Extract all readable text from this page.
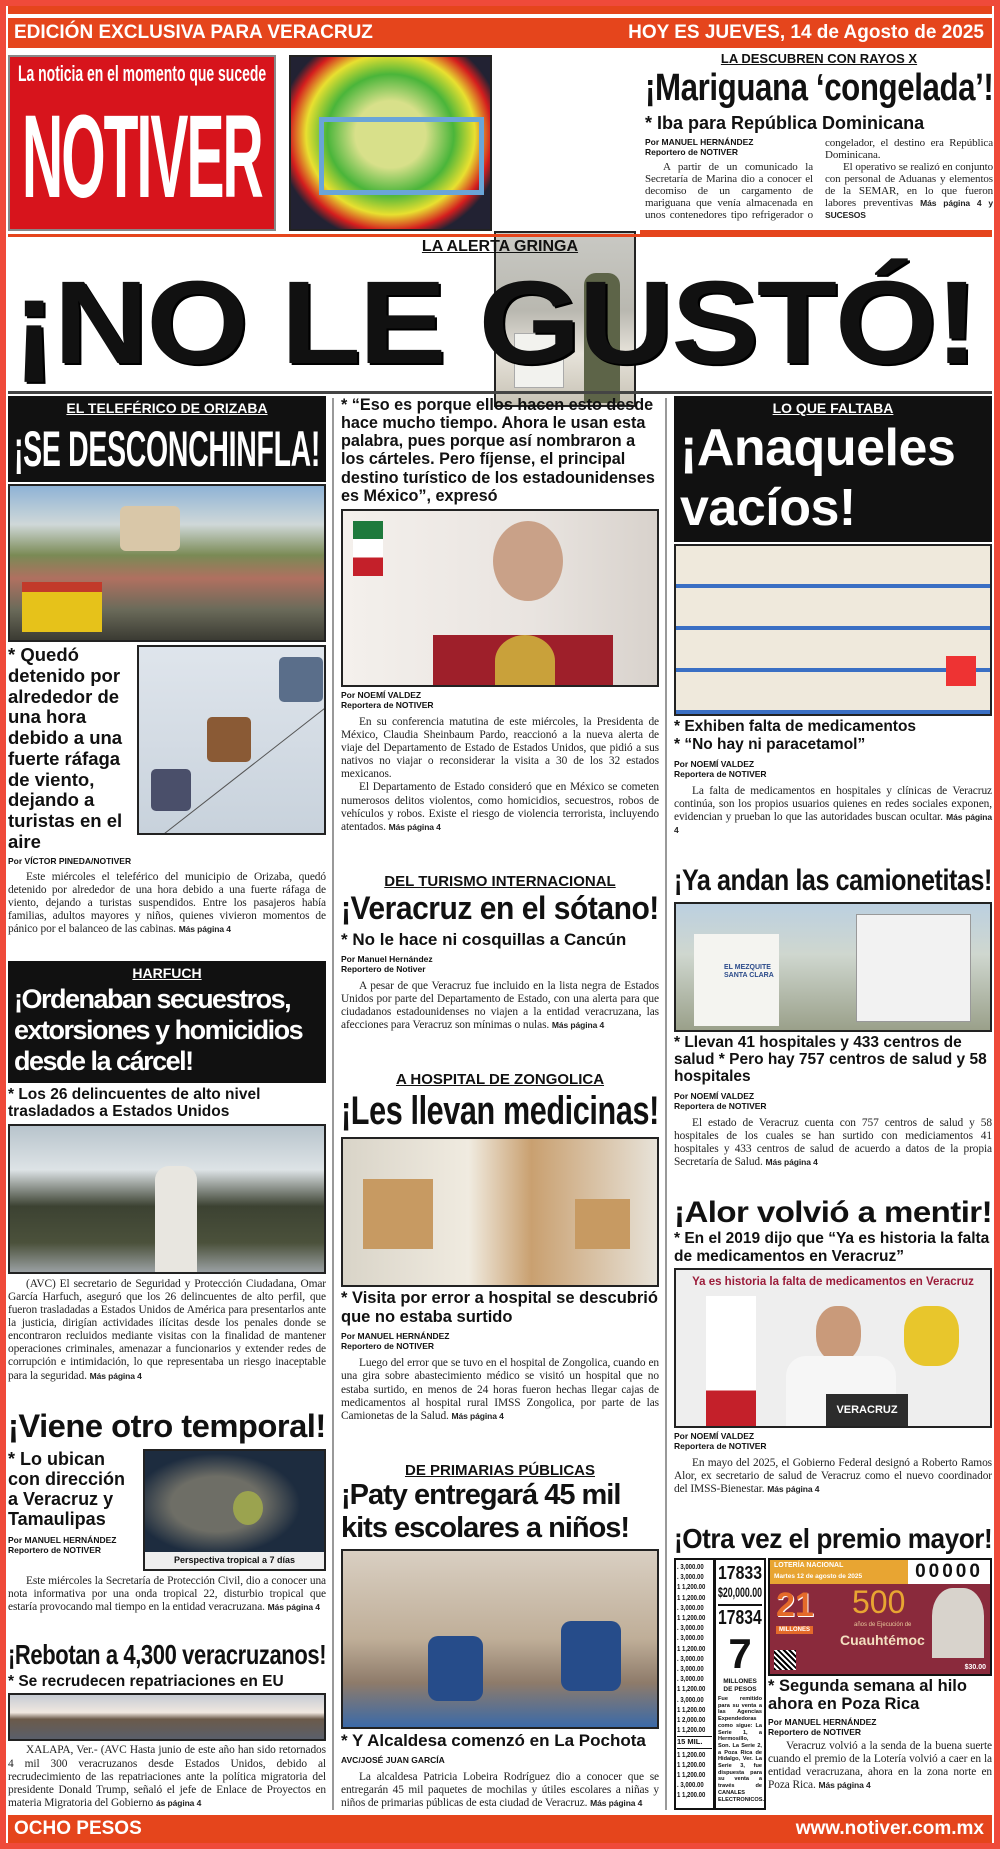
EDICIÓN EXCLUSIVA PARA VERACRUZ	HOY ES JUEVES, 14 de Agosto de 2025
La noticia en el momento que sucede
NOTIVER
LA DESCUBREN CON RAYOS X
¡Mariguana ‘congelada’!
* Iba para República Dominicana
Por MANUEL HERNÁNDEZ
Reportero de NOTIVER

A partir de un comunicado la Secretaría de Marina dio a conocer el decomiso de un cargamento de mariguana que venía almacenada en unos contenedores tipo refrigerador o congelador, el destino era República Dominicana.

El operativo se realizó en conjunto con personal de Aduanas y elementos de la SEMAR, en lo que fueron labores preventivas Más página 4 y SUCESOS

LA ALERTA GRINGA
¡NO LE GUSTÓ!
EL TELEFÉRICO DE ORIZABA
¡SE DESCONCHINFLA!
* Quedó detenido por alrededor de una hora debido a una fuerte ráfaga de viento, dejando a turistas en el aire
Por VÍCTOR PINEDA/NOTIVER

Este miércoles el teleférico del municipio de Orizaba, quedó detenido por alrededor de una hora debido a una fuerte ráfaga de viento, dejando a turistas suspendidos. Entre los pasajeros había familias, adultos mayores y niños, quienes vivieron momentos de pánico por el balanceo de las cabinas. Más página 4

HARFUCH
¡Ordenaban secuestros, extorsiones y homicidios desde la cárcel!
* Los 26 delincuentes de alto nivel trasladados a Estados Unidos

(AVC) El secretario de Seguridad y Protección Ciudadana, Omar García Harfuch, aseguró que los 26 delincuentes de alto perfil, que fueron trasladadas a Estados Unidos de América para presentarlos ante la justicia, dirigían actividades ilícitas desde los penales donde se encontraron recluidos mediante visitas con la finalidad de mantener operaciones criminales, amenazar a funcionarios y extender redes de corrupción e intimidación, lo que representaba un riesgo inaceptable para la seguridad. Más página 4

¡Viene otro temporal!
* Lo ubican con dirección a Veracruz y Tamaulipas
Por MANUEL HERNÁNDEZ
Reportero de NOTIVER
Perspectiva tropical a 7 días

Este miércoles la Secretaría de Protección Civil, dio a conocer una nota informativa por una onda tropical 22, disturbio tropical que estaría provocando mal tiempo en la entidad veracruzana. Más página 4

¡Rebotan a 4,300 veracruzanos!
* Se recrudecen repatriaciones en EU

XALAPA, Ver.- (AVC Hasta junio de este año han sido retornados 4 mil 300 veracruzanos desde Estados Unidos, debido al recrudecimiento de las repatriaciones ante la política migratoria del presidente Donald Trump, señaló el jefe de Enlace de Proyectos en materia Migratoria del Gobierno ás página 4

* “Eso es porque ellos hacen esto desde hace mucho tiempo. Ahora le usan esta palabra, pues porque así nombraron a los cárteles. Pero fíjense, el principal destino turístico de los estadounidenses es México”, expresó
Por NOEMÍ VALDEZ
Reportera de NOTIVER

En su conferencia matutina de este miércoles, la Presidenta de México, Claudia Sheinbaum Pardo, reaccionó a la nueva alerta de viaje del Departamento de Estado de Estados Unidos, que pidió a sus nativos no viajar o reconsiderar la visita a 30 de los 32 estados mexicanos.

El Departamento de Estado consideró que en México se cometen numerosos delitos violentos, como homicidios, secuestros, robos de vehículos y robos. Existe el riesgo de violencia terrorista, incluyendo atentados. Más página 4

DEL TURISMO INTERNACIONAL
¡Veracruz en el sótano!
* No le hace ni cosquillas a Cancún
Por Manuel Hernández
Reportero de Notiver

A pesar de que Veracruz fue incluido en la lista negra de Estados Unidos por parte del Departamento de Estado, con una alerta para que ciudadanos estadounidenses no viajen a la entidad veracruzana, las afecciones para Veracruz son mínimas o nulas. Más página 4

A HOSPITAL DE ZONGOLICA
¡Les llevan medicinas!
* Visita por error a hospital se descubrió que no estaba surtido
Por MANUEL HERNÁNDEZ
Reportero de NOTIVER

Luego del error que se tuvo en el hospital de Zongolica, cuando en una gira sobre abastecimiento médico se visitó un hospital que no estaba surtido, en menos de 24 horas fueron hechas llegar cajas de medicamentos al hospital rural IMSS Zongolica, por parte de las Camionetas de la Salud. Más página 4

DE PRIMARIAS PÚBLICAS
¡Paty entregará 45 mil kits escolares a niños!
* Y Alcaldesa comenzó en La Pochota
AVC/JOSÉ JUAN GARCÍA

La alcaldesa Patricia Lobeira Rodríguez dio a conocer que se entregarán 45 mil paquetes de mochilas y útiles escolares a niñas y niños de primarias públicas de esta ciudad de Veracruz. Más página 4

LO QUE FALTABA
¡Anaqueles vacíos!
* Exhiben falta de medicamentos
* “No hay ni paracetamol”
Por NOEMÍ VALDEZ
Reportera de NOTIVER

La falta de medicamentos en hospitales y clínicas de Veracruz continúa, son los propios usuarios quienes en redes sociales exponen, evidencian y prueban lo que las autoridades buscan ocultar. Más página 4

¡Ya andan las camionetitas!
EL MEZQUITE SANTA CLARA
* Llevan 41 hospitales y 433 centros de salud * Pero hay 757 centros de salud y 58 hospitales
Por NOEMÍ VALDEZ
Reportera de NOTIVER

El estado de Veracruz cuenta con 757 centros de salud y 58 hospitales de los cuales se han surtido con mediciamentos 41 hospitales y 433 centros de salud de acuerdo a datos de la propia Secretaría de Salud. Más página 4

¡Alor volvió a mentir!
* En el 2019 dijo que “Ya es historia la falta de medicamentos en Veracruz”
Ya es historia la falta de medicamentos en Veracruz
VERACRUZ
Por NOEMÍ VALDEZ
Reportera de NOTIVER

En mayo del 2025, el Gobierno Federal designó a Roberto Ramos Alor, ex secretario de salud de Veracruz como el nuevo coordinador del IMSS-Bienestar. Más página 4

¡Otra vez el premio mayor!
. 3,000.00
. 3,000.00
1 1,200.00
1 1,200.00
. 3,000.00
1 1,200.00
. 3,000.00
. 3,000.00
1 1,200.00
. 3,000.00
. 3,000.00
. 3,000.00
1 1,200.00
. 3,000.00
1 1,200.00
1 2,000.00
1 1,200.00
15 MIL.
1 1,200.00
1 1,200.00
1 1,200.00
. 3,000.00
1 1,200.00
17833
$20,000.00
17834
7
MILLONES DE PESOS
Fue remitido para su venta a las Agencias Expendedoras como sigue: La Serie 1, a Hermosillo, Son. La Serie 2, a Poza Rica de Hidalgo, Ver. La Serie 3, fue dispuesta para su venta a través de CANALES ELECTRONICOS.
LOTERÍA NACIONAL
Martes 12 de agosto de 2025	00000
21
MILLONES
500
años de Ejecución de
Cuauhtémoc
$30.00
* Segunda semana al hilo ahora en Poza Rica
Por MANUEL HERNÁNDEZ
Reportero de NOTIVER

Veracruz volvió a la senda de la buena suerte cuando el premio de la Lotería volvió a caer en la entidad veracruzana, ahora en la zona norte en Poza Rica. Más página 4

OCHO PESOS	www.notiver.com.mx
